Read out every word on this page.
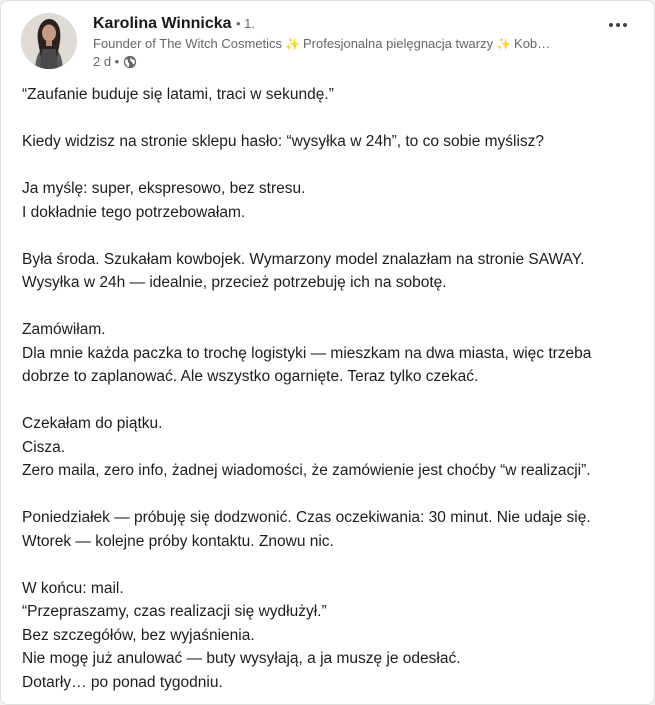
Karolina Winnicka • 1.
Founder of The Witch Cosmetics ✨ Profesjonalna pielęgnacja twarzy ✨ Kob…
2 d •

“Zaufanie buduje się latami, traci w sekundę.”

Kiedy widzisz na stronie sklepu hasło: “wysyłka w 24h”, to co sobie myślisz?

Ja myślę: super, ekspresowo, bez stresu.

I dokładnie tego potrzebowałam.

Była środa. Szukałam kowbojek. Wymarzony model znalazłam na stronie SAWAY.

Wysyłka w 24h — idealnie, przecież potrzebuję ich na sobotę.

Zamówiłam.

Dla mnie każda paczka to trochę logistyki — mieszkam na dwa miasta, więc trzeba

dobrze to zaplanować. Ale wszystko ogarnięte. Teraz tylko czekać.

Czekałam do piątku.

Cisza.

Zero maila, zero info, żadnej wiadomości, że zamówienie jest choćby “w realizacji”.

Poniedziałek — próbuję się dodzwonić. Czas oczekiwania: 30 minut. Nie udaje się.

Wtorek — kolejne próby kontaktu. Znowu nic.

W końcu: mail.

“Przepraszamy, czas realizacji się wydłużył.”

Bez szczegółów, bez wyjaśnienia.

Nie mogę już anulować — buty wysyłają, a ja muszę je odesłać.

Dotarły… po ponad tygodniu.
